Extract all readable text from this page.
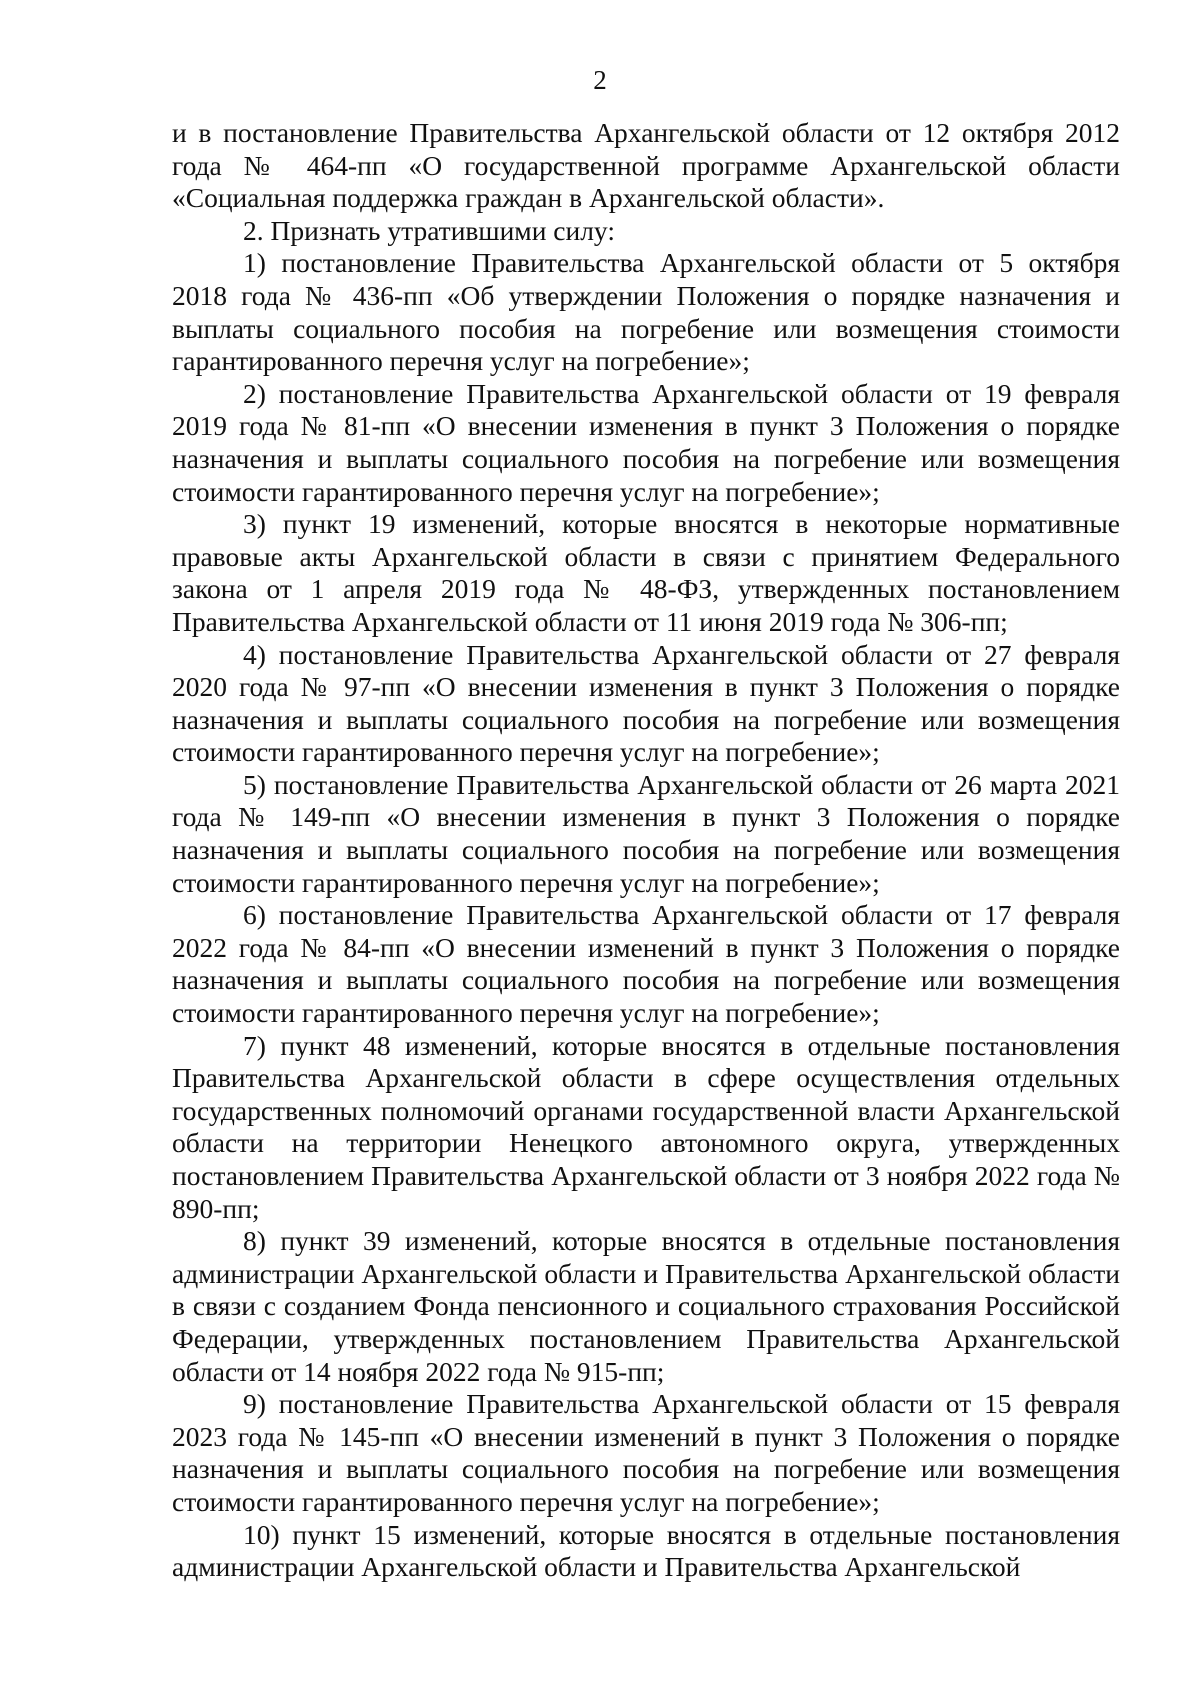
2

и в постановление Правительства Архангельской области от 12 октября 2012 года № 464-пп «О государственной программе Архангельской области «Социальная поддержка граждан в Архангельской области».

2. Признать утратившими силу:

1) постановление Правительства Архангельской области от 5 октября 2018 года № 436-пп «Об утверждении Положения о порядке назначения и выплаты социального пособия на погребение или возмещения стоимости гарантированного перечня услуг на погребение»;

2) постановление Правительства Архангельской области от 19 февраля 2019 года № 81-пп «О внесении изменения в пункт 3 Положения о порядке назначения и выплаты социального пособия на погребение или возмещения стоимости гарантированного перечня услуг на погребение»;

3) пункт 19 изменений, которые вносятся в некоторые нормативные правовые акты Архангельской области в связи с принятием Федерального закона от 1 апреля 2019 года № 48-ФЗ, утвержденных постановлением Правительства Архангельской области от 11 июня 2019 года № 306-пп;

4) постановление Правительства Архангельской области от 27 февраля 2020 года № 97-пп «О внесении изменения в пункт 3 Положения о порядке назначения и выплаты социального пособия на погребение или возмещения стоимости гарантированного перечня услуг на погребение»;

5) постановление Правительства Архангельской области от 26 марта 2021 года № 149-пп «О внесении изменения в пункт 3 Положения о порядке назначения и выплаты социального пособия на погребение или возмещения стоимости гарантированного перечня услуг на погребение»;

6) постановление Правительства Архангельской области от 17 февраля 2022 года № 84-пп «О внесении изменений в пункт 3 Положения о порядке назначения и выплаты социального пособия на погребение или возмещения стоимости гарантированного перечня услуг на погребение»;

7) пункт 48 изменений, которые вносятся в отдельные постановления Правительства Архангельской области в сфере осуществления отдельных государственных полномочий органами государственной власти Архангельской области на территории Ненецкого автономного округа, утвержденных постановлением Правительства Архангельской области от 3 ноября 2022 года № 890-пп;

8) пункт 39 изменений, которые вносятся в отдельные постановления администрации Архангельской области и Правительства Архангельской области в связи с созданием Фонда пенсионного и социального страхования Российской Федерации, утвержденных постановлением Правительства Архангельской области от 14 ноября 2022 года № 915-пп;

9) постановление Правительства Архангельской области от 15 февраля 2023 года № 145-пп «О внесении изменений в пункт 3 Положения о порядке назначения и выплаты социального пособия на погребение или возмещения стоимости гарантированного перечня услуг на погребение»;

10) пункт 15 изменений, которые вносятся в отдельные постановления администрации Архангельской области и Правительства Архангельской
